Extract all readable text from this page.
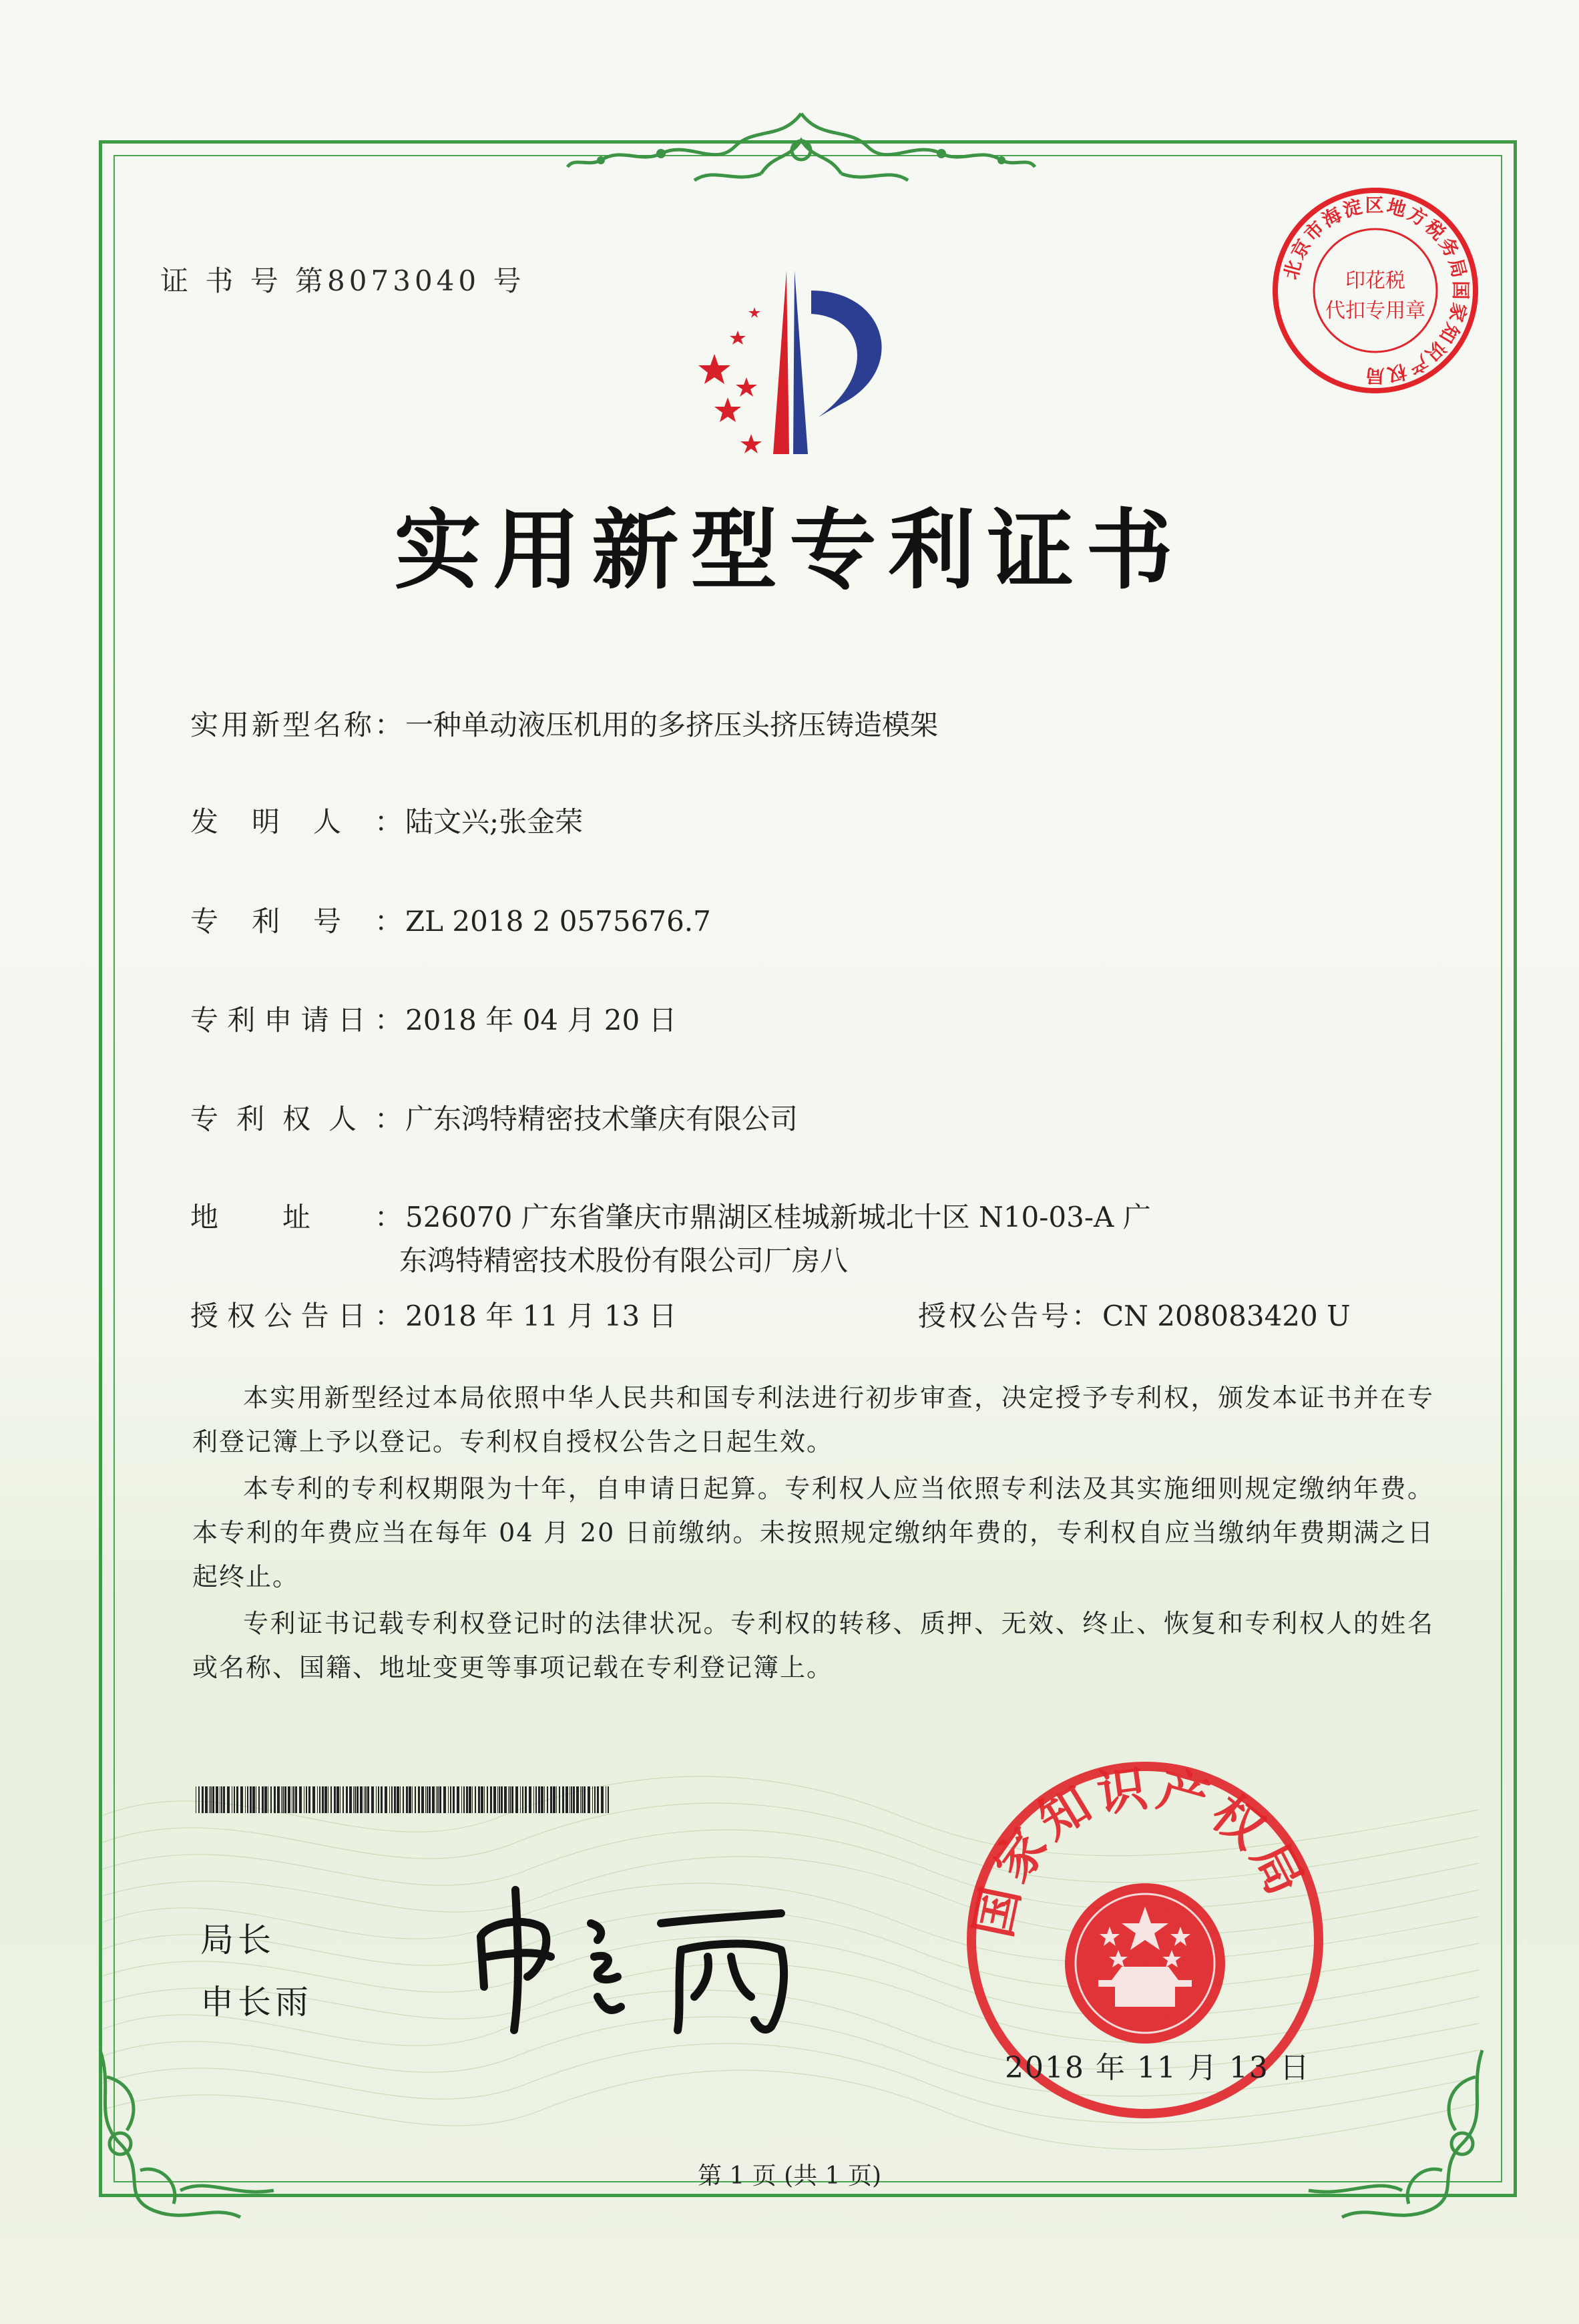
证 书 号 第8073040 号	北京市海淀区地方税务局国家知识产权局
印花税
代扣专用章
实用新型专利证书
实用新型名称：一种单动液压机用的多挤压头挤压铸造模架
发明人：陆文兴;张金荣
专利号：ZL 2018 2 0575676.7
专利申请日：2018 年 04 月 20 日
专利权人：广东鸿特精密技术肇庆有限公司
地址：526070 广东省肇庆市鼎湖区桂城新城北十区 N10-03-A 广
东鸿特精密技术股份有限公司厂房八
授权公告日：2018 年 11 月 13 日	授权公告号：CN 208083420 U

本实用新型经过本局依照中华人民共和国专利法进行初步审查，决定授予专利权，颁发本证书并在专利登记簿上予以登记。专利权自授权公告之日起生效。

本专利的专利权期限为十年，自申请日起算。专利权人应当依照专利法及其实施细则规定缴纳年费。本专利的年费应当在每年 04 月 20 日前缴纳。未按照规定缴纳年费的，专利权自应当缴纳年费期满之日起终止。

专利证书记载专利权登记时的法律状况。专利权的转移、质押、无效、终止、恢复和专利权人的姓名或名称、国籍、地址变更等事项记载在专利登记簿上。

局长
申长雨
国家知识产权局
2018 年 11 月 13 日
第 1 页 (共 1 页)
